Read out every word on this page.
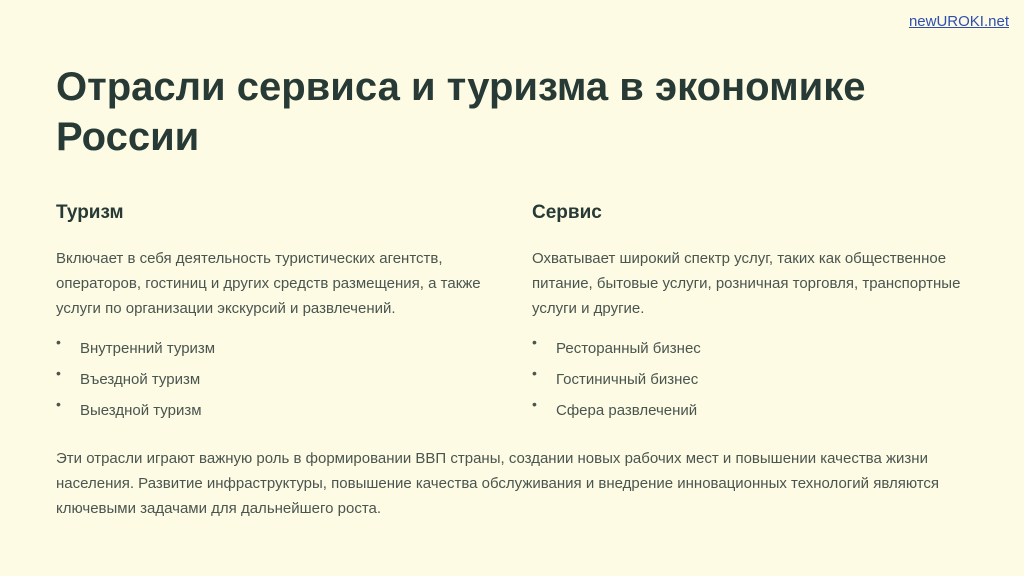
newUROKI.net
Отрасли сервиса и туризма в экономике России
Туризм

Включает в себя деятельность туристических агентств, операторов, гостиниц и других средств размещения, а также услуги по организации экскурсий и развлечений.

• Внутренний туризм
• Въездной туризм
• Выездной туризм
Сервис

Охватывает широкий спектр услуг, таких как общественное питание, бытовые услуги, розничная торговля, транспортные услуги и другие.

• Ресторанный бизнес
• Гостиничный бизнес
• Сфера развлечений

Эти отрасли играют важную роль в формировании ВВП страны, создании новых рабочих мест и повышении качества жизни населения. Развитие инфраструктуры, повышение качества обслуживания и внедрение инновационных технологий являются ключевыми задачами для дальнейшего роста.
